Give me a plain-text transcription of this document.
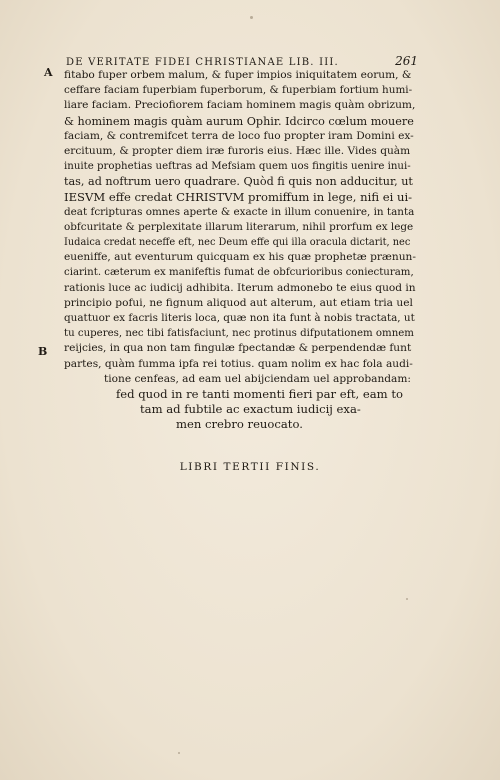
DE VERITATE FIDEI CHRISTIANAE LIB. III.	261
A
B
fitabo fuper orbem malum, & fuper impios iniquitatem eorum, &
ceffare faciam fuperbiam fuperborum, & fuperbiam fortium humi-
liare faciam. Preciofiorem faciam hominem magis quàm obrizum,
& hominem magis quàm aurum Ophir. Idcirco cœlum mouere
faciam, & contremifcet terra de loco fuo propter iram Domini ex-
ercituum, & propter diem iræ furoris eius. Hæc ille. Vides quàm
inuite prophetias ueftras ad Mefsiam quem uos fingitis uenire inui-
tas, ad noftrum uero quadrare. Quòd fi quis non adducitur, ut
IESVM effe credat CHRISTVM promiffum in lege, nifi ei ui-
deat fcripturas omnes aperte & exacte in illum conuenire, in tanta
obfcuritate & perplexitate illarum literarum, nihil prorfum ex lege
Iudaica credat neceffe eft, nec Deum effe qui illa oracula dictarit, nec
eueniffe, aut eventurum quicquam ex his quæ prophetæ prænun-
ciarint. cæterum ex manifeftis fumat de obfcurioribus coniecturam,
rationis luce ac iudicij adhibita. Iterum admonebo te eius quod in
principio pofui, ne fignum aliquod aut alterum, aut etiam tria uel
quattuor ex facris literis loca, quæ non ita funt à nobis tractata, ut
tu cuperes, nec tibi fatisfaciunt, nec protinus difputationem omnem
reijcies, in qua non tam fingulæ fpectandæ & perpendendæ funt
partes, quàm fumma ipfa rei totius. quam nolim ex hac fola audi-
tione cenfeas, ad eam uel abijciendam uel approbandam:
fed quod in re tanti momenti fieri par eft, eam to
tam ad fubtile ac exactum iudicij exa-
men crebro reuocato.
LIBRI TERTII FINIS.
